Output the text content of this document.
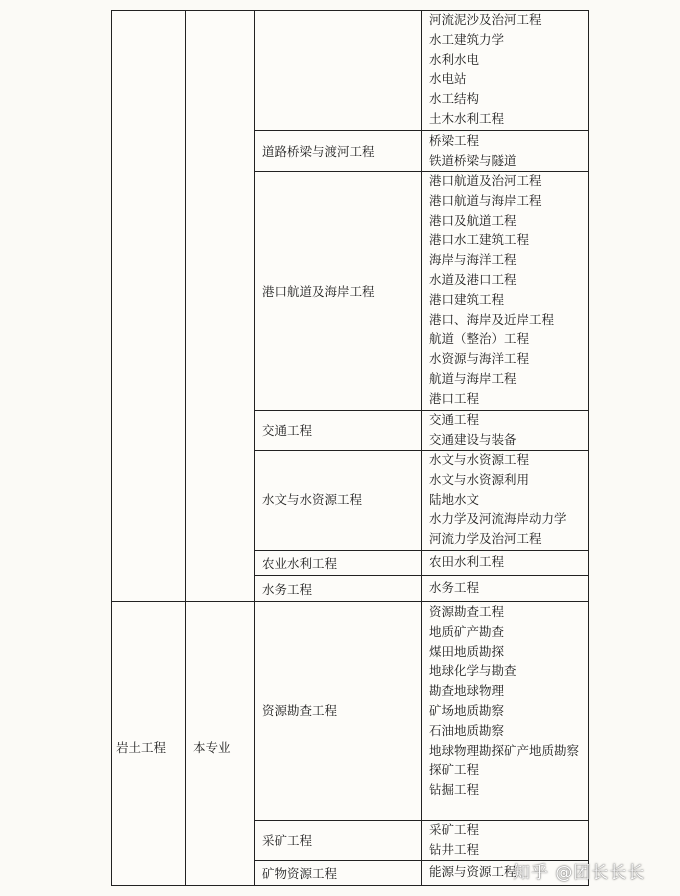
岩土工程 本专业
道路桥梁与渡河工程
港口航道及海岸工程
交通工程
水文与水资源工程
农业水利工程
水务工程
资源勘查工程
采矿工程
矿物资源工程
河流泥沙及治河工程
水工建筑力学
水利水电
水电站
水工结构
土木水利工程
桥梁工程
铁道桥梁与隧道
港口航道及治河工程
港口航道与海岸工程
港口及航道工程
港口水工建筑工程
海岸与海洋工程
水道及港口工程
港口建筑工程
港口、海岸及近岸工程
航道（整治）工程
水资源与海洋工程
航道与海岸工程
港口工程
交通工程
交通建设与装备
水文与水资源工程
水文与水资源利用
陆地水文
水力学及河流海岸动力学
河流力学及治河工程
农田水利工程
水务工程
资源勘查工程
地质矿产勘查
煤田地质勘探
地球化学与勘查
勘查地球物理
矿场地质勘察
石油地质勘察
地球物理勘探矿产地质勘察
探矿工程
钻掘工程
采矿工程
钻井工程
能源与资源工程
知乎 @团长长长
